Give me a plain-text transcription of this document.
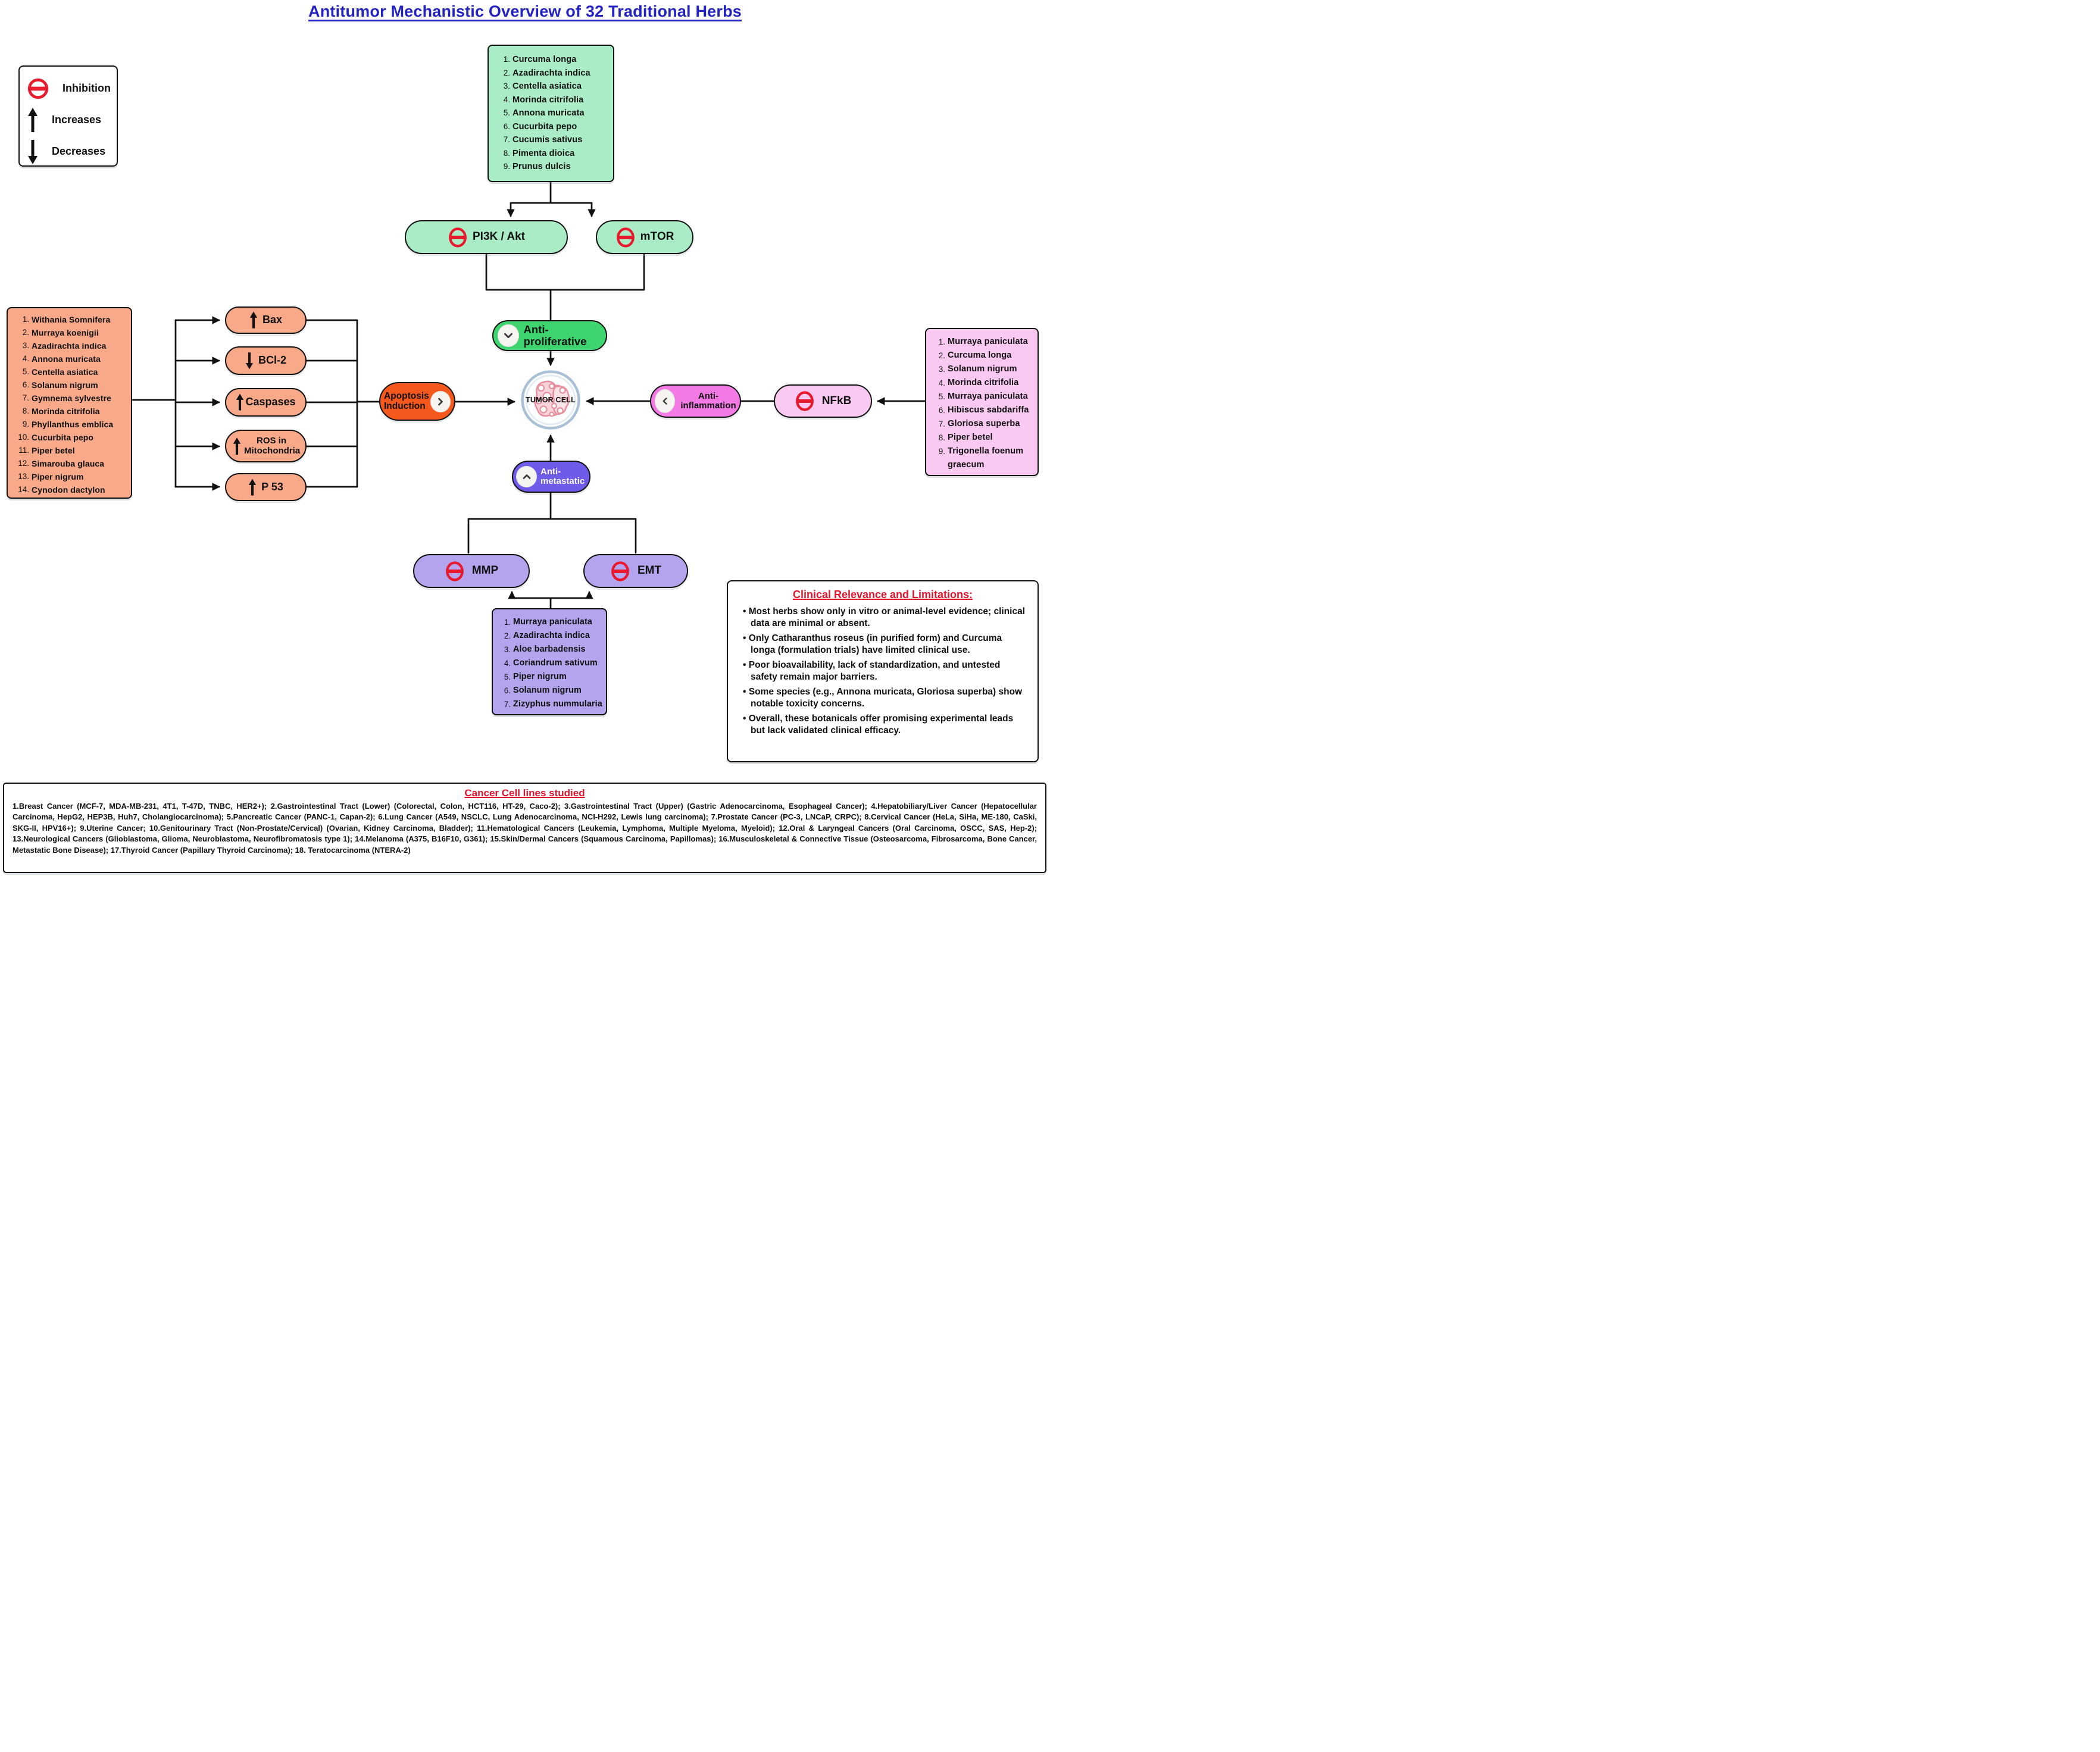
Antitumor Mechanistic Overview of 32 Traditional Herbs
Inhibition
Increases
Decreases
1. Curcuma longa
2. Azadirachta indica
3. Centella asiatica
4. Morinda citrifolia
5. Annona muricata
6. Cucurbita pepo
7. Cucumis sativus
8. Pimenta dioica
9. Prunus dulcis
PI3K / Akt	mTOR
Anti-proliferative
TUMOR CELL
1. Withania Somnifera
2. Murraya koenigii
3. Azadirachta indica
4. Annona muricata
5. Centella asiatica
6. Solanum nigrum
7. Gymnema sylvestre
8. Morinda citrifolia
9. Phyllanthus emblica
10. Cucurbita pepo
11. Piper betel
12. Simarouba glauca
13. Piper nigrum
14. Cynodon dactylon
Bax
BCl-2
Caspases
ROS in Mitochondria
P 53
Apoptosis Induction
Anti-inflammation	NFkB
1. Murraya paniculata
2. Curcuma longa
3. Solanum nigrum
4. Morinda citrifolia
5. Murraya paniculata
6. Hibiscus sabdariffa
7. Gloriosa superba
8. Piper betel
9. Trigonella foenum graecum
Anti-metastatic
MMP	EMT
1. Murraya paniculata
2. Azadirachta indica
3. Aloe barbadensis
4. Coriandrum sativum
5. Piper nigrum
6. Solanum nigrum
7. Zizyphus nummularia
Clinical Relevance and Limitations:
• Most herbs show only in vitro or animal-level evidence; clinical data are minimal or absent.
• Only Catharanthus roseus (in purified form) and Curcuma longa (formulation trials) have limited clinical use.
• Poor bioavailability, lack of standardization, and untested safety remain major barriers.
• Some species (e.g., Annona muricata, Gloriosa superba) show notable toxicity concerns.
• Overall, these botanicals offer promising experimental leads but lack validated clinical efficacy.
Cancer Cell lines studied
1.Breast Cancer (MCF-7, MDA-MB-231, 4T1, T-47D, TNBC, HER2+); 2.Gastrointestinal Tract (Lower) (Colorectal, Colon, HCT116, HT-29, Caco-2); 3.Gastrointestinal Tract (Upper) (Gastric Adenocarcinoma, Esophageal Cancer); 4.Hepatobiliary/Liver Cancer (Hepatocellular Carcinoma, HepG2, HEP3B, Huh7, Cholangiocarcinoma); 5.Pancreatic Cancer (PANC-1, Capan-2); 6.Lung Cancer (A549, NSCLC, Lung Adenocarcinoma, NCI-H292, Lewis lung carcinoma); 7.Prostate Cancer (PC-3, LNCaP, CRPC); 8.Cervical Cancer (HeLa, SiHa, ME-180, CaSki, SKG-II, HPV16+); 9.Uterine Cancer; 10.Genitourinary Tract (Non-Prostate/Cervical) (Ovarian, Kidney Carcinoma, Bladder); 11.Hematological Cancers (Leukemia, Lymphoma, Multiple Myeloma, Myeloid); 12.Oral & Laryngeal Cancers (Oral Carcinoma, OSCC, SAS, Hep-2); 13.Neurological Cancers (Glioblastoma, Glioma, Neuroblastoma, Neurofibromatosis type 1); 14.Melanoma (A375, B16F10, G361); 15.Skin/Dermal Cancers (Squamous Carcinoma, Papillomas); 16.Musculoskeletal & Connective Tissue (Osteosarcoma, Fibrosarcoma, Bone Cancer, Metastatic Bone Disease); 17.Thyroid Cancer (Papillary Thyroid Carcinoma); 18. Teratocarcinoma (NTERA-2)
